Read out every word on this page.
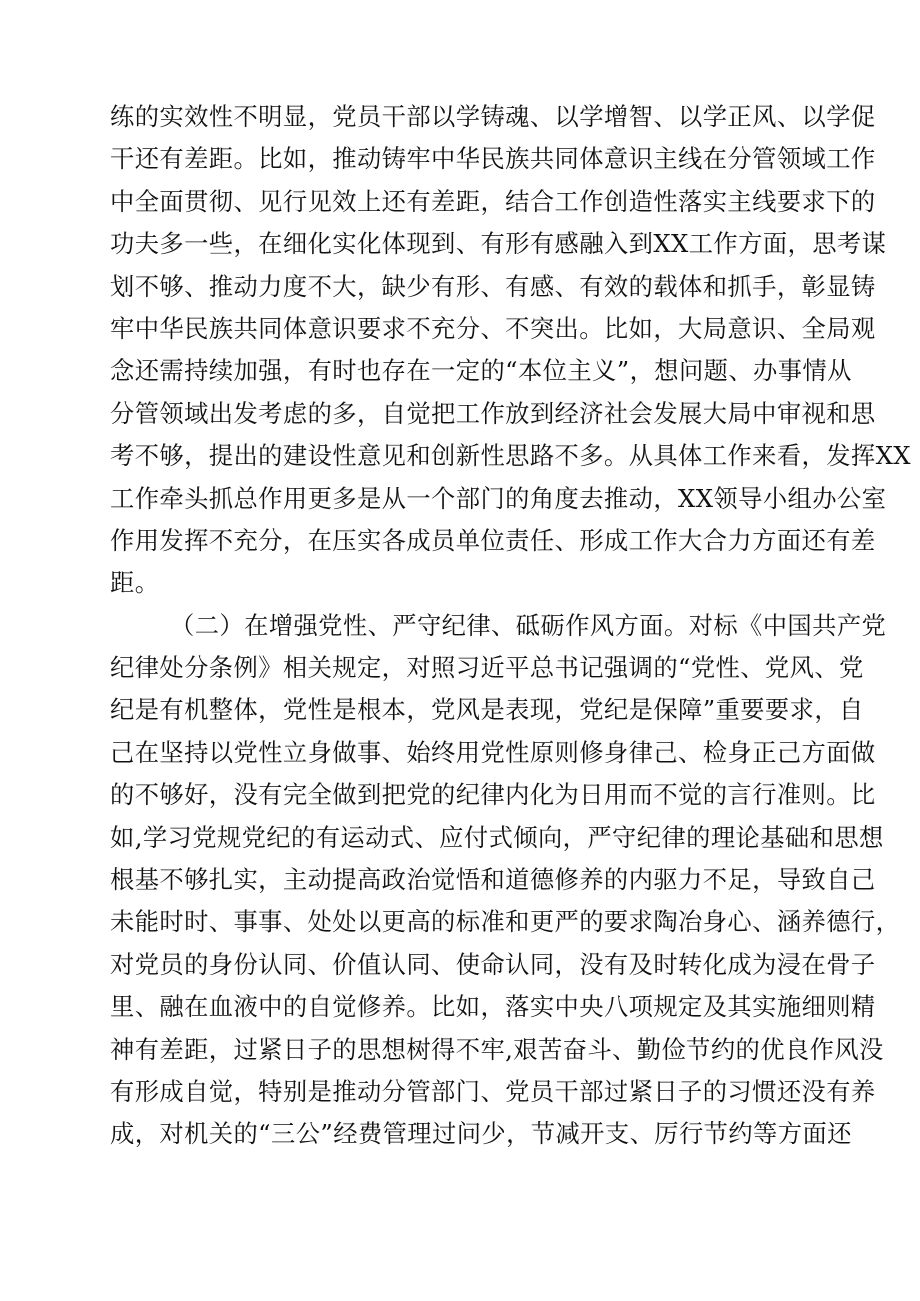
练的实效性不明显，党员干部以学铸魂、以学增智、以学正风、以学促
干还有差距。比如，推动铸牢中华民族共同体意识主线在分管领域工作
中全面贯彻、见行见效上还有差距，结合工作创造性落实主线要求下的
功夫多一些，在细化实化体现到、有形有感融入到XX工作方面，思考谋
划不够、推动力度不大，缺少有形、有感、有效的载体和抓手，彰显铸
牢中华民族共同体意识要求不充分、不突出。比如，大局意识、全局观
念还需持续加强，有时也存在一定的“本位主义”，想问题、办事情从
分管领域出发考虑的多，自觉把工作放到经济社会发展大局中审视和思
考不够，提出的建设性意见和创新性思路不多。从具体工作来看，发挥XX
工作牵头抓总作用更多是从一个部门的角度去推动，XX领导小组办公室
作用发挥不充分，在压实各成员单位责任、形成工作大合力方面还有差
距。
（二）在增强党性、严守纪律、砥砺作风方面。对标《中国共产党
纪律处分条例》相关规定，对照习近平总书记强调的“党性、党风、党
纪是有机整体，党性是根本，党风是表现，党纪是保障”重要要求，自
己在坚持以党性立身做事、始终用党性原则修身律己、检身正己方面做
的不够好，没有完全做到把党的纪律内化为日用而不觉的言行准则。比
如,学习党规党纪的有运动式、应付式倾向，严守纪律的理论基础和思想
根基不够扎实，主动提高政治觉悟和道德修养的内驱力不足，导致自己
未能时时、事事、处处以更高的标准和更严的要求陶冶身心、涵养德行，
对党员的身份认同、价值认同、使命认同，没有及时转化成为浸在骨子
里、融在血液中的自觉修养。比如，落实中央八项规定及其实施细则精
神有差距，过紧日子的思想树得不牢,艰苦奋斗、勤俭节约的优良作风没
有形成自觉，特别是推动分管部门、党员干部过紧日子的习惯还没有养
成，对机关的“三公”经费管理过问少，节减开支、厉行节约等方面还
